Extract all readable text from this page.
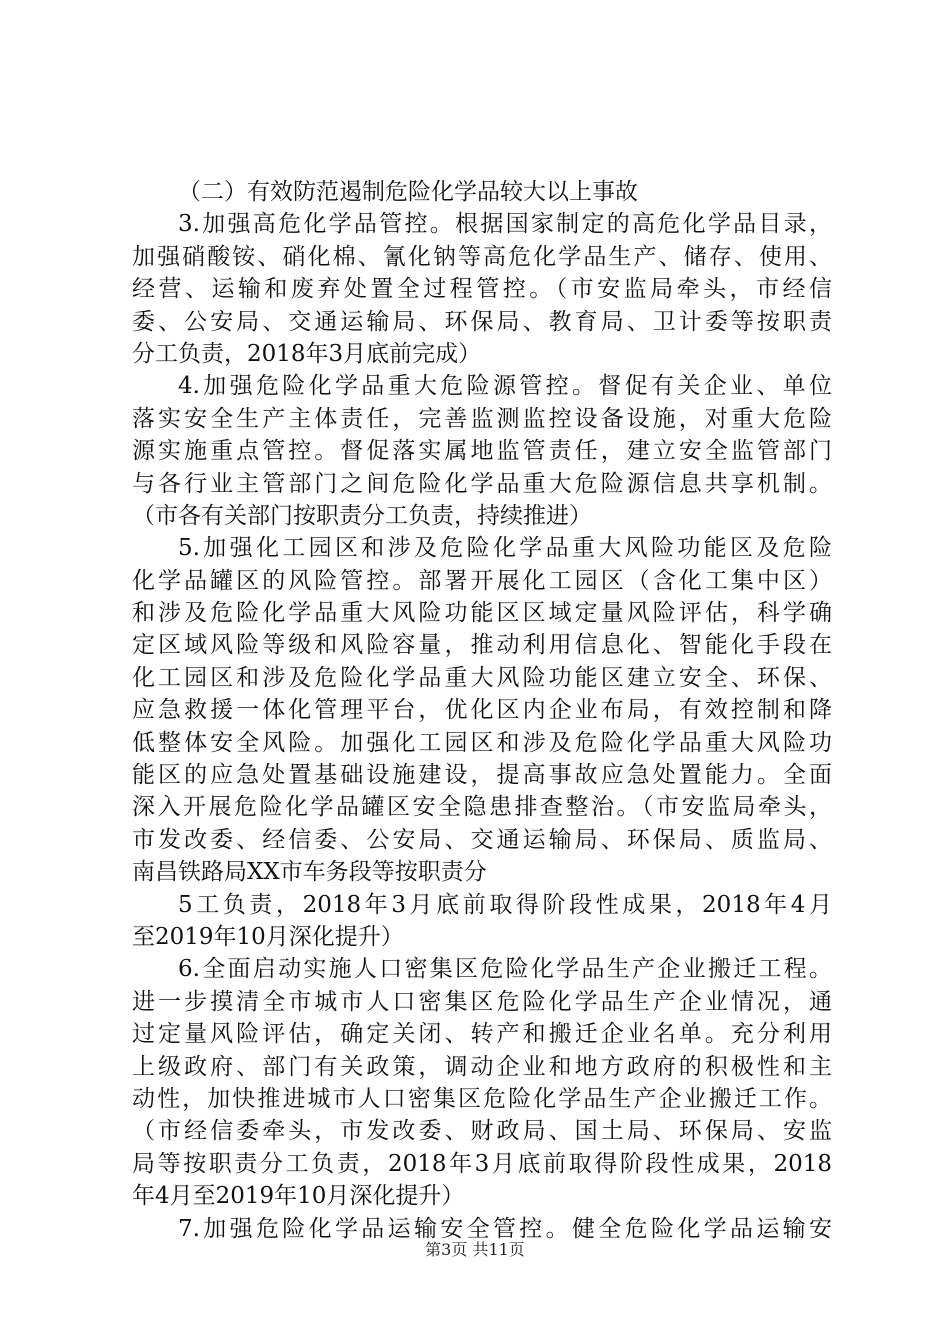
（二）有效防范遏制危险化学品较大以上事故
3.加强高危化学品管控。根据国家制定的高危化学品目录，
加强硝酸铵、硝化棉、氰化钠等高危化学品生产、储存、使用、
经营、运输和废弃处置全过程管控。（市安监局牵头，市经信
委、公安局、交通运输局、环保局、教育局、卫计委等按职责
分工负责，2018年3月底前完成）
4.加强危险化学品重大危险源管控。督促有关企业、单位
落实安全生产主体责任，完善监测监控设备设施，对重大危险
源实施重点管控。督促落实属地监管责任，建立安全监管部门
与各行业主管部门之间危险化学品重大危险源信息共享机制。
（市各有关部门按职责分工负责，持续推进）
5.加强化工园区和涉及危险化学品重大风险功能区及危险
化学品罐区的风险管控。部署开展化工园区（含化工集中区）
和涉及危险化学品重大风险功能区区域定量风险评估，科学确
定区域风险等级和风险容量，推动利用信息化、智能化手段在
化工园区和涉及危险化学品重大风险功能区建立安全、环保、
应急救援一体化管理平台，优化区内企业布局，有效控制和降
低整体安全风险。加强化工园区和涉及危险化学品重大风险功
能区的应急处置基础设施建设，提高事故应急处置能力。全面
深入开展危险化学品罐区安全隐患排查整治。（市安监局牵头，
市发改委、经信委、公安局、交通运输局、环保局、质监局、
南昌铁路局XX市车务段等按职责分
5工负责，2018年3月底前取得阶段性成果，2018年4月
至2019年10月深化提升）
6.全面启动实施人口密集区危险化学品生产企业搬迁工程。
进一步摸清全市城市人口密集区危险化学品生产企业情况，通
过定量风险评估，确定关闭、转产和搬迁企业名单。充分利用
上级政府、部门有关政策，调动企业和地方政府的积极性和主
动性，加快推进城市人口密集区危险化学品生产企业搬迁工作。
（市经信委牵头，市发改委、财政局、国土局、环保局、安监
局等按职责分工负责，2018年3月底前取得阶段性成果，2018
年4月至2019年10月深化提升）
7.加强危险化学品运输安全管控。健全危险化学品运输安
第3页 共11页
